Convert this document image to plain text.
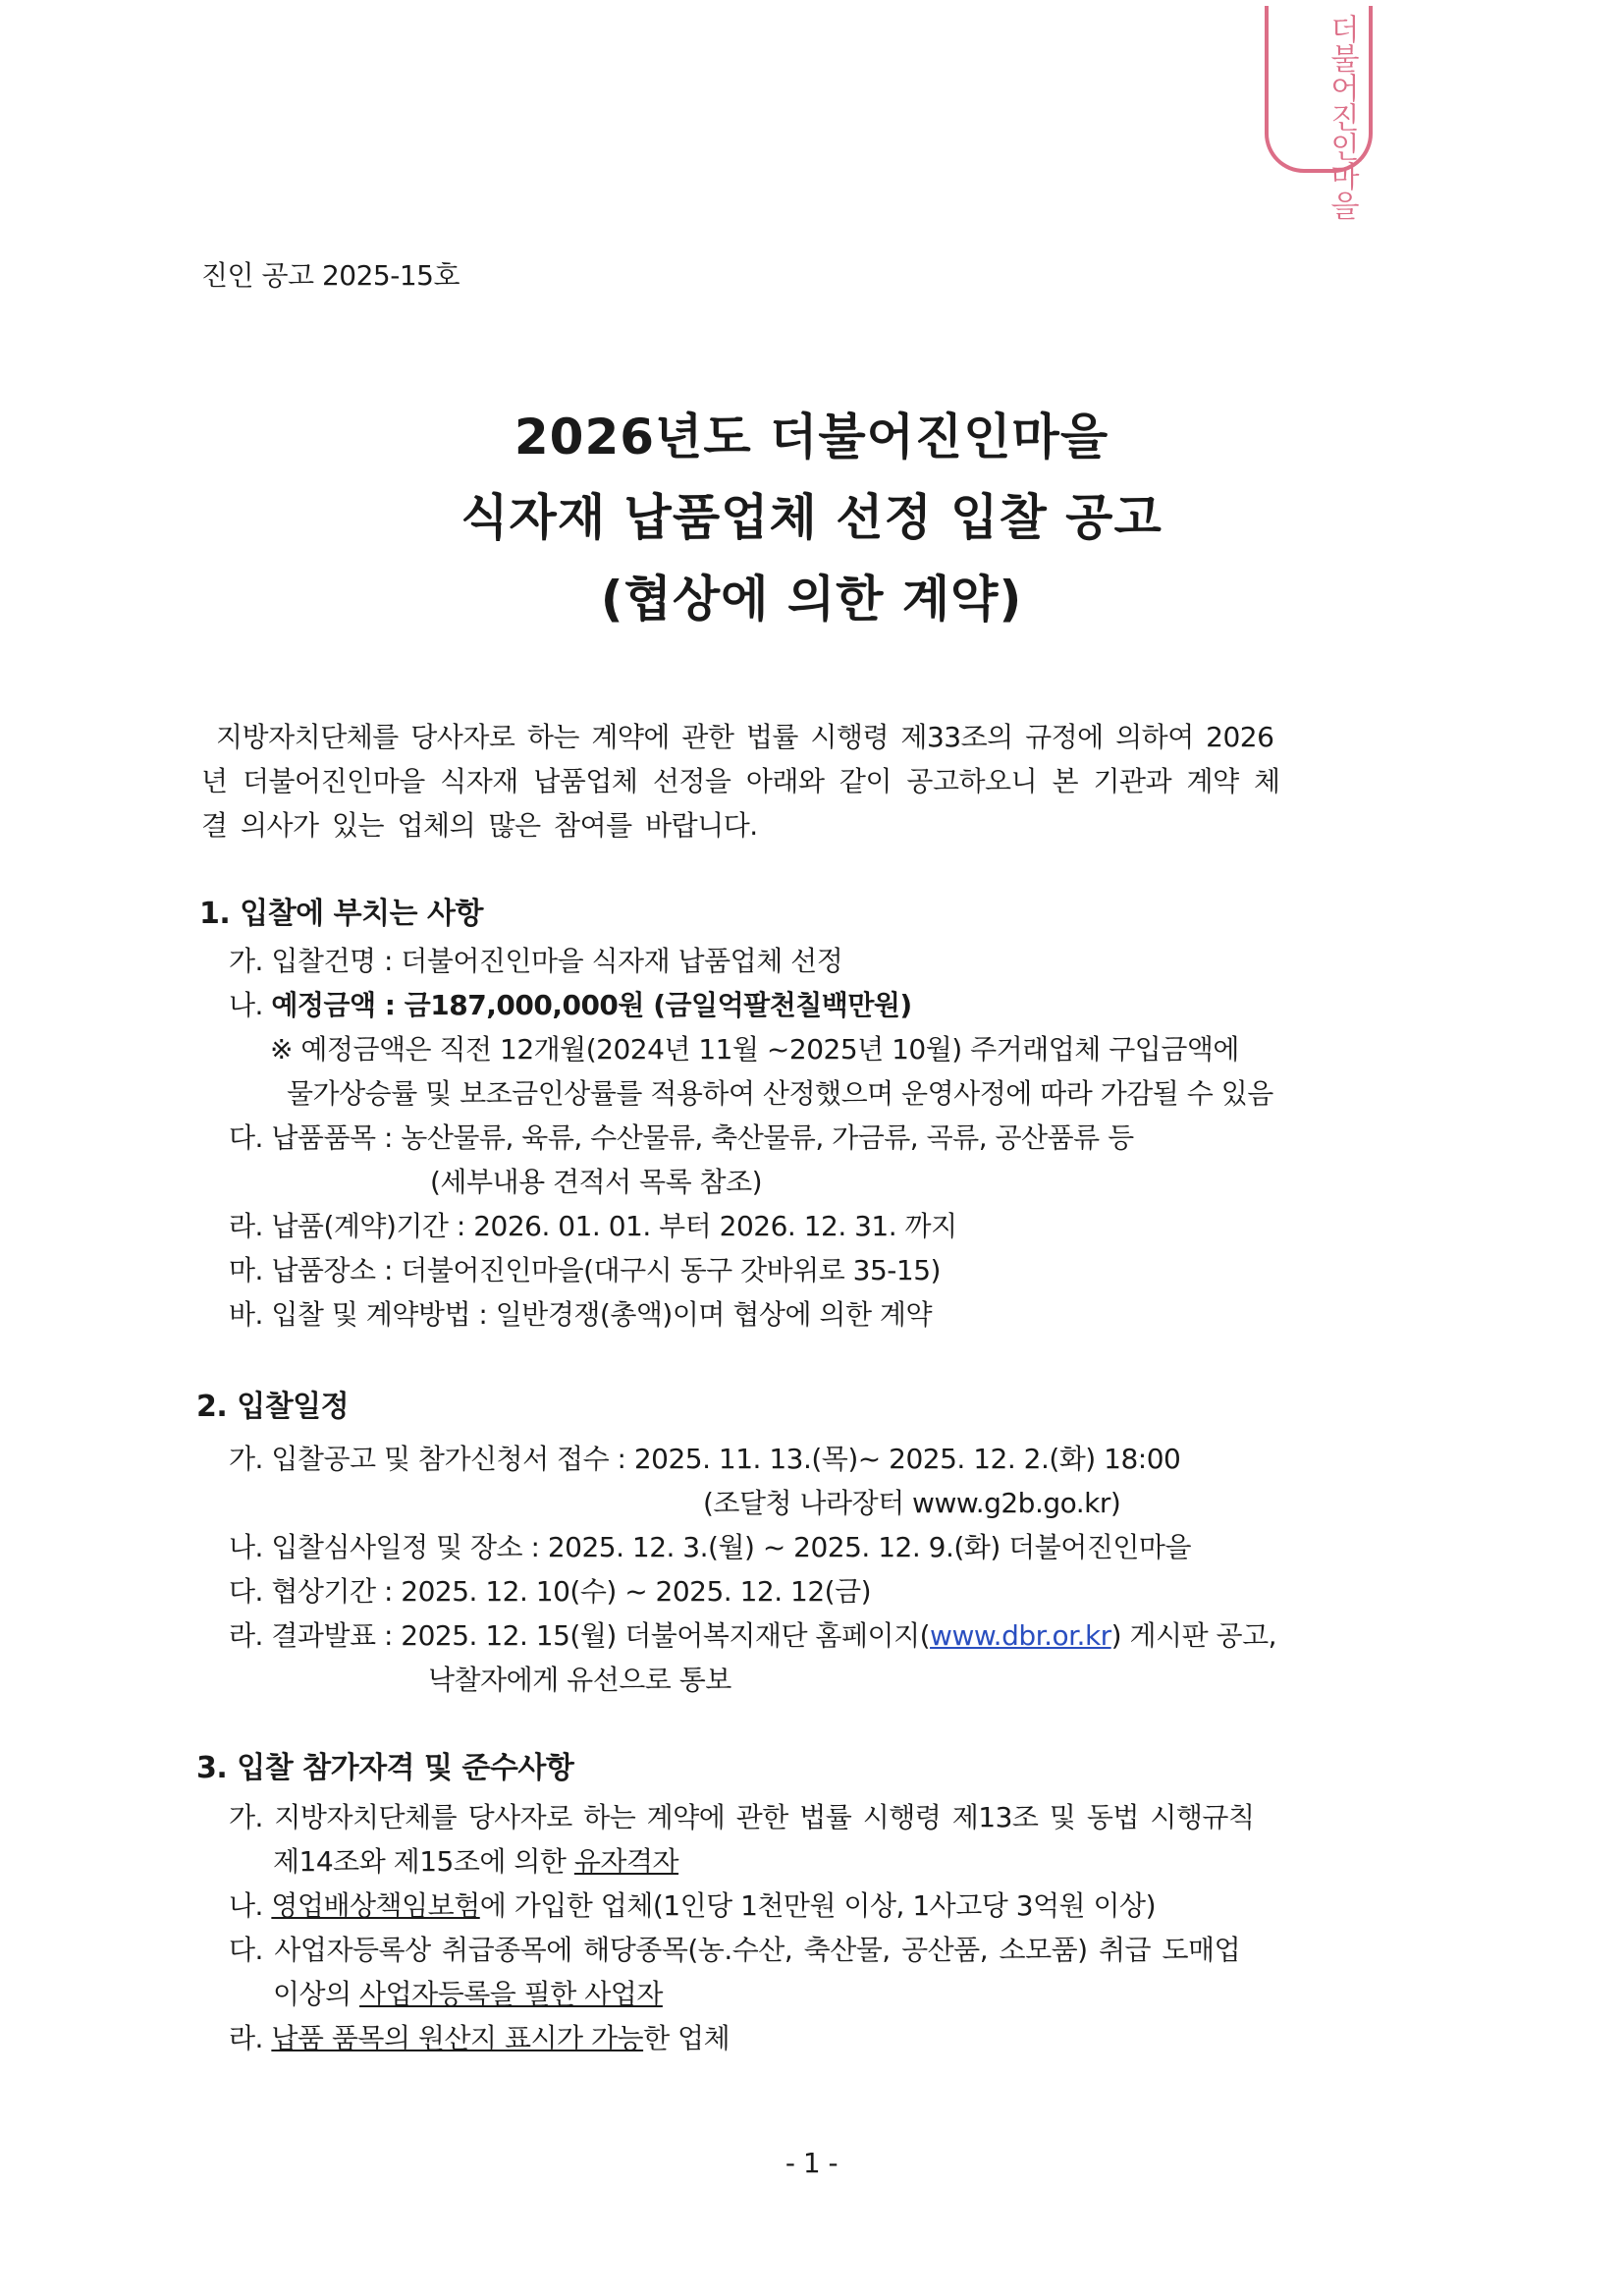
더불어진인마을
진인 공고 2025-15호
2026년도 더불어진인마을
식자재 납품업체 선정 입찰 공고
(협상에 의한 계약)
지방자치단체를 당사자로 하는 계약에 관한 법률 시행령 제33조의 규정에 의하여 2026
년 더불어진인마을 식자재 납품업체 선정을 아래와 같이 공고하오니 본 기관과 계약 체
결 의사가 있는 업체의 많은 참여를 바랍니다.
1. 입찰에 부치는 사항
가. 입찰건명 : 더불어진인마을 식자재 납품업체 선정
나. 예정금액 : 금187,000,000원 (금일억팔천칠백만원)
※ 예정금액은 직전 12개월(2024년 11월 ~2025년 10월) 주거래업체 구입금액에
물가상승률 및 보조금인상률를 적용하여 산정했으며 운영사정에 따라 가감될 수 있음
다. 납품품목 : 농산물류, 육류, 수산물류, 축산물류, 가금류, 곡류, 공산품류 등
(세부내용 견적서 목록 참조)
라. 납품(계약)기간 : 2026. 01. 01. 부터 2026. 12. 31. 까지
마. 납품장소 : 더불어진인마을(대구시 동구 갓바위로 35-15)
바. 입찰 및 계약방법 : 일반경쟁(총액)이며 협상에 의한 계약
2. 입찰일정
가. 입찰공고 및 참가신청서 접수 : 2025. 11. 13.(목)~ 2025. 12. 2.(화) 18:00
(조달청 나라장터 www.g2b.go.kr)
나. 입찰심사일정 및 장소 : 2025. 12. 3.(월) ~ 2025. 12. 9.(화) 더불어진인마을
다. 협상기간 : 2025. 12. 10(수) ~ 2025. 12. 12(금)
라. 결과발표 : 2025. 12. 15(월) 더불어복지재단 홈페이지(www.dbr.or.kr) 게시판 공고,
낙찰자에게 유선으로 통보
3. 입찰 참가자격 및 준수사항
가. 지방자치단체를 당사자로 하는 계약에 관한 법률 시행령 제13조 및 동법 시행규칙
제14조와 제15조에 의한 유자격자
나. 영업배상책임보험에 가입한 업체(1인당 1천만원 이상, 1사고당 3억원 이상)
다. 사업자등록상 취급종목에 해당종목(농.수산, 축산물, 공산품, 소모품) 취급 도매업
이상의 사업자등록을 필한 사업자
라. 납품 품목의 원산지 표시가 가능한 업체
- 1 -
